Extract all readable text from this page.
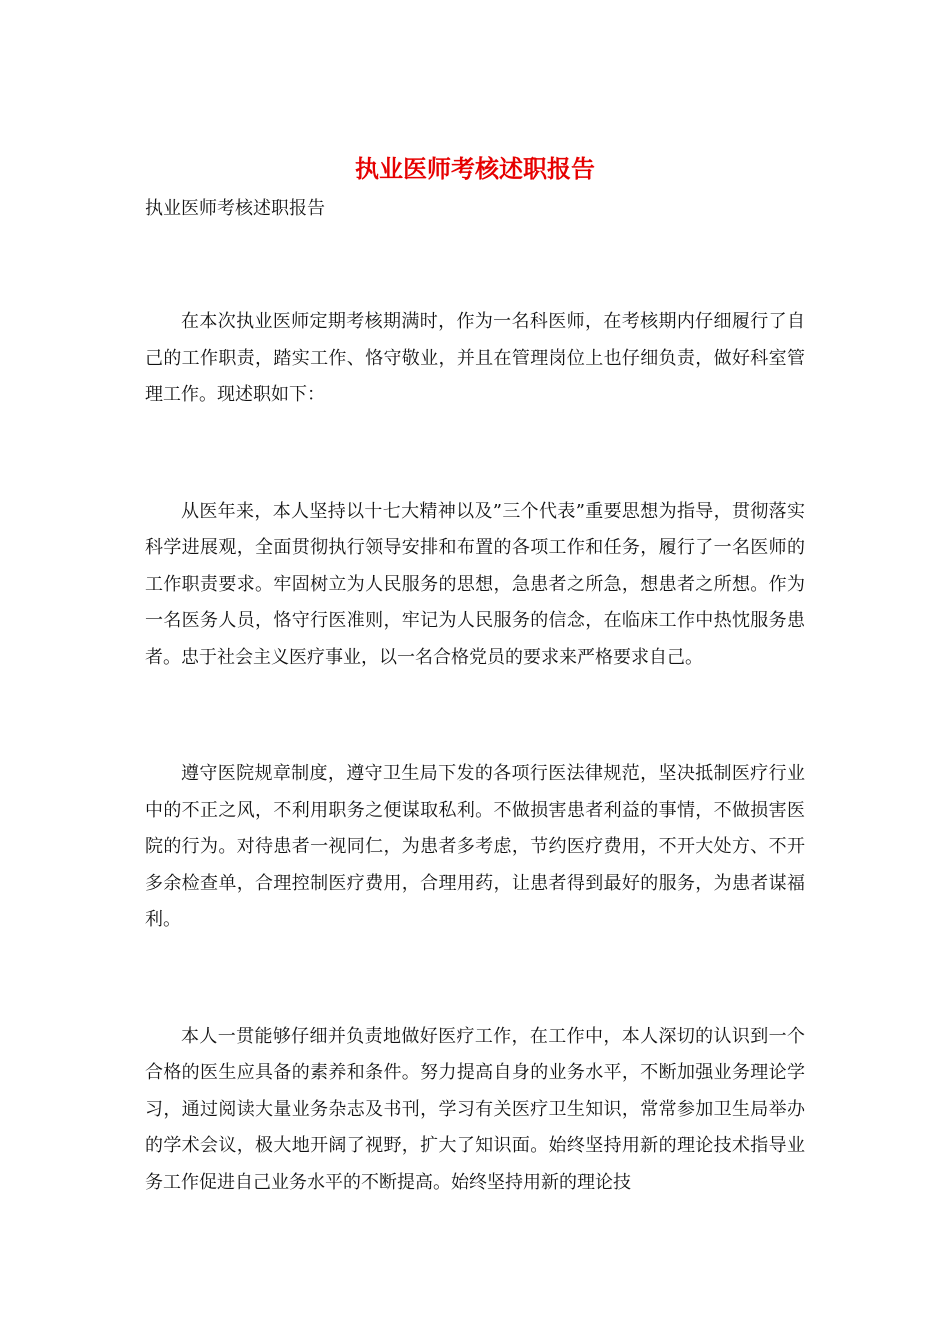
执业医师考核述职报告
执业医师考核述职报告

在本次执业医师定期考核期满时，作为一名科医师，在考核期内仔细履行了自己的工作职责，踏实工作、恪守敬业，并且在管理岗位上也仔细负责，做好科室管理工作。现述职如下：

从医年来，本人坚持以十七大精神以及”三个代表”重要思想为指导，贯彻落实科学进展观，全面贯彻执行领导安排和布置的各项工作和任务，履行了一名医师的工作职责要求。牢固树立为人民服务的思想，急患者之所急，想患者之所想。作为一名医务人员，恪守行医准则，牢记为人民服务的信念，在临床工作中热忱服务患者。忠于社会主义医疗事业，以一名合格党员的要求来严格要求自己。

遵守医院规章制度，遵守卫生局下发的各项行医法律规范，坚决抵制医疗行业中的不正之风，不利用职务之便谋取私利。不做损害患者利益的事情，不做损害医院的行为。对待患者一视同仁，为患者多考虑，节约医疗费用，不开大处方、不开多余检查单，合理控制医疗费用，合理用药，让患者得到最好的服务，为患者谋福利。

本人一贯能够仔细并负责地做好医疗工作，在工作中，本人深切的认识到一个合格的医生应具备的素养和条件。努力提高自身的业务水平，不断加强业务理论学习，通过阅读大量业务杂志及书刊，学习有关医疗卫生知识，常常参加卫生局举办的学术会议，极大地开阔了视野，扩大了知识面。始终坚持用新的理论技术指导业务工作促进自己业务水平的不断提高。始终坚持用新的理论技
